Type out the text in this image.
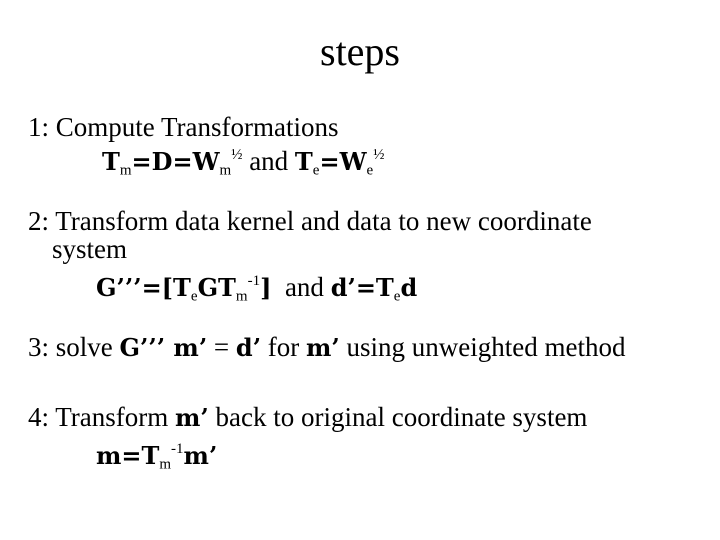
steps
1: Compute Transformations
$T_m=D=W_m^{\frac{1}{2}}$ and $T_e=W_e^{\frac{1}{2}}$
2: Transform data kernel and data to new coordinate
system
$G’’’=[T_eGT_m^{-1}]$  and $d’=T_ed$
3: solve G’’’ m’ = d’ for m’ using unweighted method
4: Transform m’ back to original coordinate system
$m=T_m^{-1}m$’
